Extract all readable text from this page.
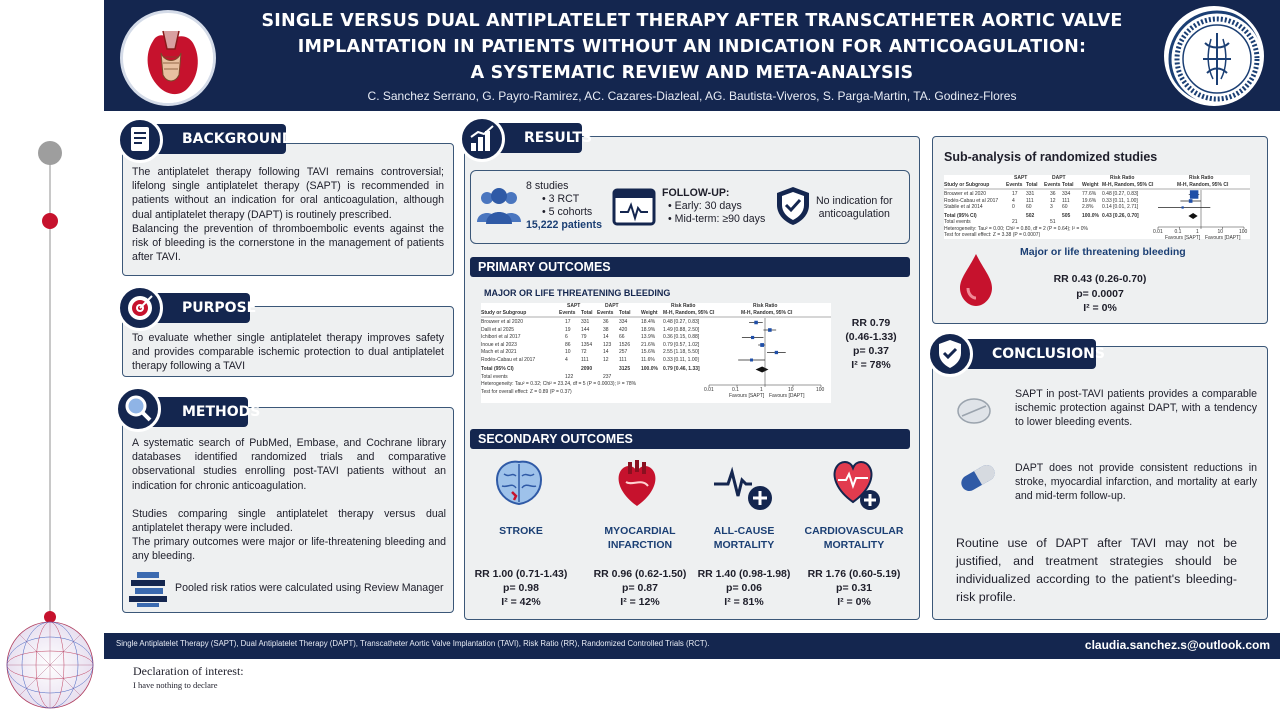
SINGLE VERSUS DUAL ANTIPLATELET THERAPY AFTER TRANSCATHETER AORTIC VALVE
IMPLANTATION IN PATIENTS WITHOUT AN INDICATION FOR ANTICOAGULATION:
A SYSTEMATIC REVIEW AND META-ANALYSIS
C. Sanchez Serrano, G. Payro-Ramirez, AC. Cazares-Diazleal, AG. Bautista-Viveros, S. Parga-Martin, TA. Godinez-Flores
BACKGROUND
The antiplatelet therapy following TAVI remains controversial; lifelong single antiplatelet therapy (SAPT) is recommended in patients without an indication for oral anticoagulation, although dual antiplatelet therapy (DAPT) is routinely prescribed.
Balancing the prevention of thromboembolic events against the risk of bleeding is the cornerstone in the management of patients after TAVI.
PURPOSE
To evaluate whether single antiplatelet therapy improves safety and provides comparable ischemic protection to dual antiplatelet therapy following a TAVI
METHODS
A systematic search of PubMed, Embase, and Cochrane library databases identified randomized trials and comparative observational studies enrolling post-TAVI patients without an indication for chronic anticoagulation.
Studies comparing single antiplatelet therapy versus dual antiplatelet therapy were included.
The primary outcomes were major or life-threatening bleeding and any bleeding.
Pooled risk ratios were calculated using Review Manager
RESULTS
8 studies
• 3 RCT
• 5 cohorts
15,222 patients
FOLLOW-UP:
• Early: 30 days
• Mid-term: ≥90 days
No indication for
anticoagulation
PRIMARY OUTCOMES
MAJOR OR LIFE THREATENING BLEEDING
SAPT	DAPT	Risk Ratio	Risk Ratio
Study or Subgroup	Events Total Events Total Weight M-H, Random, 95% CI	M-H, Random, 95% CI
Brouwer et al 2020	17 331	36 334	18.4% 0.48 [0.27, 0.83]
Dalli et al 2025	19 144	38 420	18.9% 1.49 [0.88, 2.50]
Ichibori et al 2017	6	79	14 66	13.9% 0.36 [0.15, 0.88]
Inoue et al 2023	86 1354 123 1526 21.6% 0.79 [0.57, 1.02]
Mach et al 2021	10 72	14 257	15.6% 2.55 [1.18, 5.50]
Rodés-Cabau et al 2017	4	111	12 111	11.6% 0.33 [0.11, 1.00]
Total (95% CI)	2090	3125 100.0% 0.79 [0.46, 1.33]
Total events	122	237
Heterogeneity: Tau² = 0.32; Chi² = 23.24, df = 5 (P = 0.0003); I² = 78%
Test for overall effect: Z = 0.89 (P = 0.37)	0.01	0.1	1	10	100
Favours [SAPT] Favours [DAPT]
RR 0.79
(0.46-1.33)
p= 0.37
I² = 78%
SECONDARY OUTCOMES
STROKE	MYOCARDIAL
INFARCTION
ALL-CAUSE
MORTALITY
CARDIOVASCULAR
MORTALITY
RR 1.00 (0.71-1.43)
p= 0.98
I² = 42%
RR 0.96 (0.62-1.50)
p= 0.87
I² = 12%
RR 1.40 (0.98-1.98)
p= 0.06
I² = 81%
RR 1.76 (0.60-5.19)
p= 0.31
I² = 0%
Sub-analysis of randomized studies
SAPT	DAPT	Risk Ratio	Risk Ratio
Study or Subgroup	Events Total Events Total Weight M-H, Random, 95% CI	M-H, Random, 95% CI
Brouwer et al 2020	17 331	36 334 77.6% 0.48 [0.27, 0.83]
Rodés-Cabau et al 2017	4 111	12 111 19.6% 0.33 [0.11, 1.00]
Stabile et al 2014	0 60	3 60	2.8% 0.14 [0.01, 2.71]
Total (95% CI)	502	505 100.0% 0.43 [0.26, 0.70]
Total events	21	51
Heterogeneity: Tau² = 0.00; Chi² = 0.80, df = 2 (P = 0.64); I² = 0%
Test for overall effect: Z = 3.38 (P = 0.0007)	0.01 0.1	1	10	100
Favours [SAPT] Favours [DAPT]
Major or life threatening bleeding
RR 0.43 (0.26-0.70)
p= 0.0007
I² = 0%
CONCLUSIONS
SAPT in post-TAVI patients provides a comparable ischemic protection against DAPT, with a tendency to lower bleeding events.
DAPT does not provide consistent reductions in stroke, myocardial infarction, and mortality at early and mid-term follow-up.
Routine use of DAPT after TAVI may not be justified, and treatment strategies should be individualized according to the patient's bleeding-risk profile.
Single Antiplatelet Therapy (SAPT), Dual Antiplatelet Therapy (DAPT), Transcatheter Aortic Valve Implantation (TAVI), Risk Ratio (RR), Randomized Controlled Trials (RCT).	claudia.sanchez.s@outlook.com
Declaration of interest:
I have nothing to declare
